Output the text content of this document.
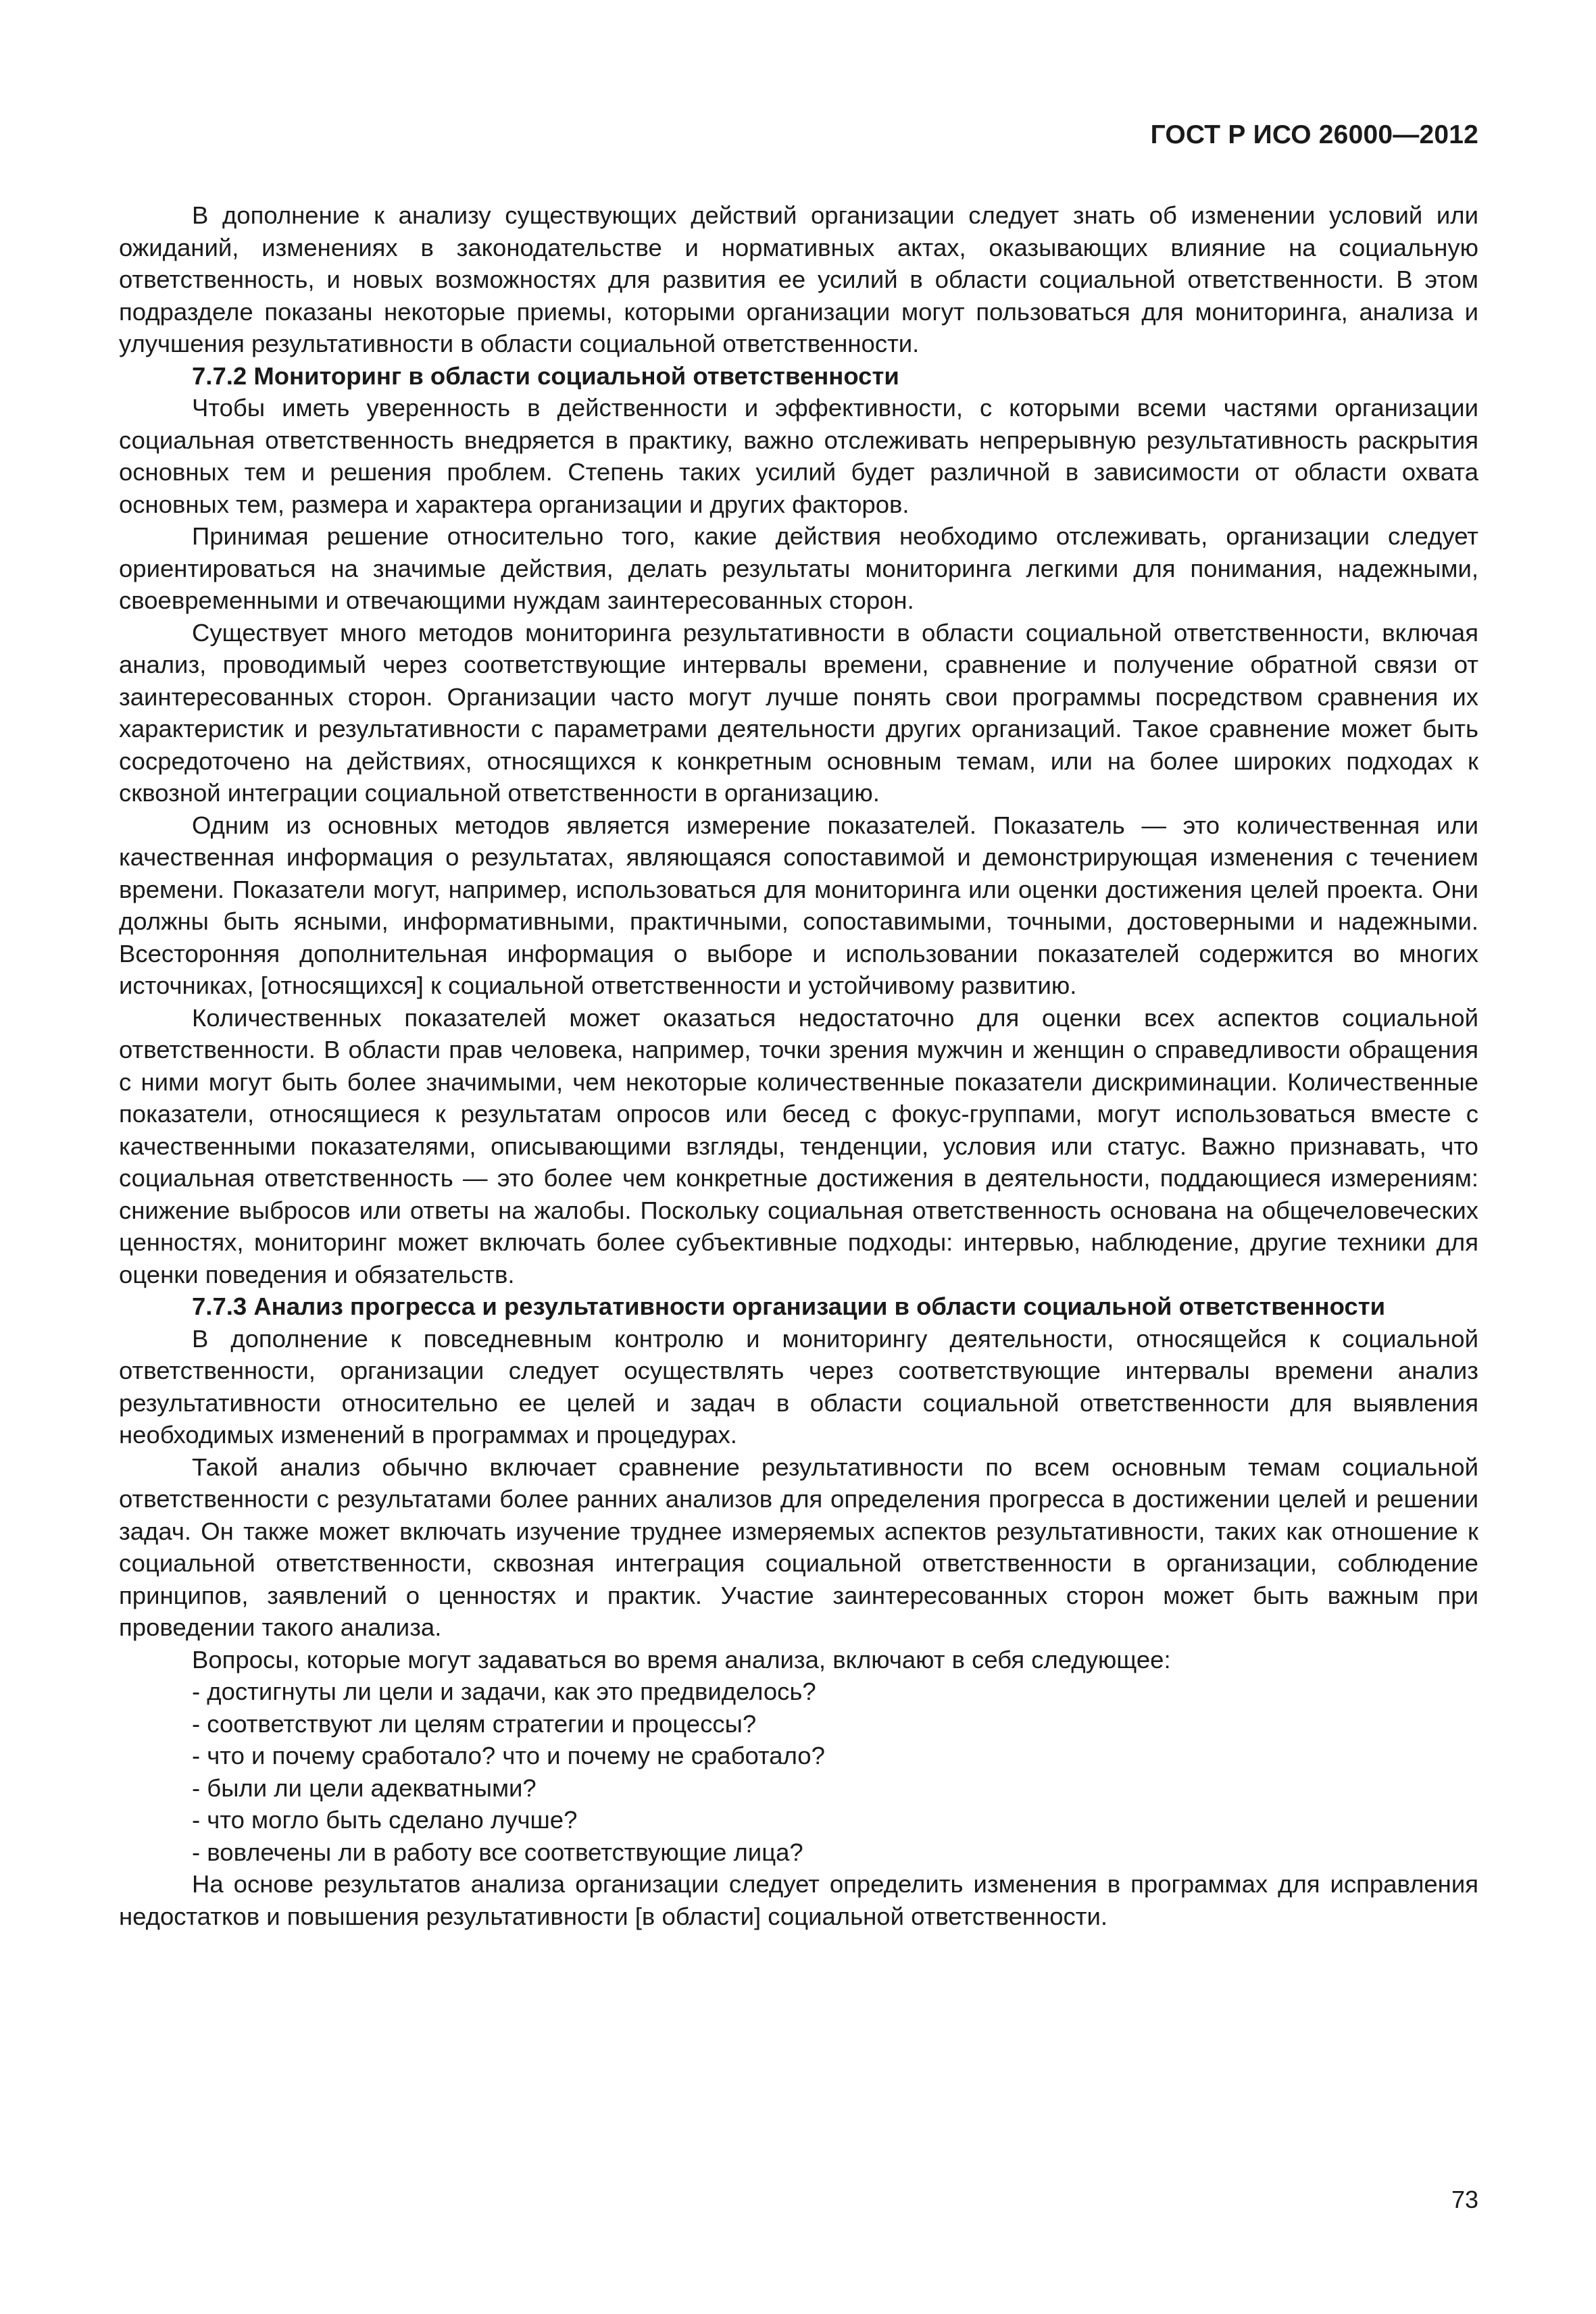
ГОСТ Р ИСО 26000—2012

В дополнение к анализу существующих действий организации следует знать об изменении условий или ожиданий, изменениях в законодательстве и нормативных актах, оказывающих влияние на социальную ответственность, и новых возможностях для развития ее усилий в области социальной ответственности. В этом подразделе показаны некоторые приемы, которыми организации могут пользоваться для мониторинга, анализа и улучшения результативности в области социальной ответственности.

7.7.2 Мониторинг в области социальной ответственности

Чтобы иметь уверенность в действенности и эффективности, с которыми всеми частями организации социальная ответственность внедряется в практику, важно отслеживать непрерывную результативность раскрытия основных тем и решения проблем. Степень таких усилий будет различной в зависимости от области охвата основных тем, размера и характера организации и других факторов.

Принимая решение относительно того, какие действия необходимо отслеживать, организации следует ориентироваться на значимые действия, делать результаты мониторинга легкими для понимания, надежными, своевременными и отвечающими нуждам заинтересованных сторон.

Существует много методов мониторинга результативности в области социальной ответственности, включая анализ, проводимый через соответствующие интервалы времени, сравнение и получение обратной связи от заинтересованных сторон. Организации часто могут лучше понять свои программы посредством сравнения их характеристик и результативности с параметрами деятельности других организаций. Такое сравнение может быть сосредоточено на действиях, относящихся к конкретным основным темам, или на более широких подходах к сквозной интеграции социальной ответственности в организацию.

Одним из основных методов является измерение показателей. Показатель — это количественная или качественная информация о результатах, являющаяся сопоставимой и демонстрирующая изменения с течением времени. Показатели могут, например, использоваться для мониторинга или оценки достижения целей проекта. Они должны быть ясными, информативными, практичными, сопоставимыми, точными, достоверными и надежными. Всесторонняя дополнительная информация о выборе и использовании показателей содержится во многих источниках, [относящихся] к социальной ответственности и устойчивому развитию.

Количественных показателей может оказаться недостаточно для оценки всех аспектов социальной ответственности. В области прав человека, например, точки зрения мужчин и женщин о справедливости обращения с ними могут быть более значимыми, чем некоторые количественные показатели дискриминации. Количественные показатели, относящиеся к результатам опросов или бесед с фокус-группами, могут использоваться вместе с качественными показателями, описывающими взгляды, тенденции, условия или статус. Важно признавать, что социальная ответственность — это более чем конкретные достижения в деятельности, поддающиеся измерениям: снижение выбросов или ответы на жалобы. Поскольку социальная ответственность основана на общечеловеческих ценностях, мониторинг может включать более субъективные подходы: интервью, наблюдение, другие техники для оценки поведения и обязательств.

7.7.3 Анализ прогресса и результативности организации в области социальной ответственности

В дополнение к повседневным контролю и мониторингу деятельности, относящейся к социальной ответственности, организации следует осуществлять через соответствующие интервалы времени анализ результативности относительно ее целей и задач в области социальной ответственности для выявления необходимых изменений в программах и процедурах.

Такой анализ обычно включает сравнение результативности по всем основным темам социальной ответственности с результатами более ранних анализов для определения прогресса в достижении целей и решении задач. Он также может включать изучение труднее измеряемых аспектов результативности, таких как отношение к социальной ответственности, сквозная интеграция социальной ответственности в организации, соблюдение принципов, заявлений о ценностях и практик. Участие заинтересованных сторон может быть важным при проведении такого анализа.

Вопросы, которые могут задаваться во время анализа, включают в себя следующее:

- достигнуты ли цели и задачи, как это предвиделось?

- соответствуют ли целям стратегии и процессы?

- что и почему сработало? что и почему не сработало?

- были ли цели адекватными?

- что могло быть сделано лучше?

- вовлечены ли в работу все соответствующие лица?

На основе результатов анализа организации следует определить изменения в программах для исправления недостатков и повышения результативности [в области] социальной ответственности.

73
